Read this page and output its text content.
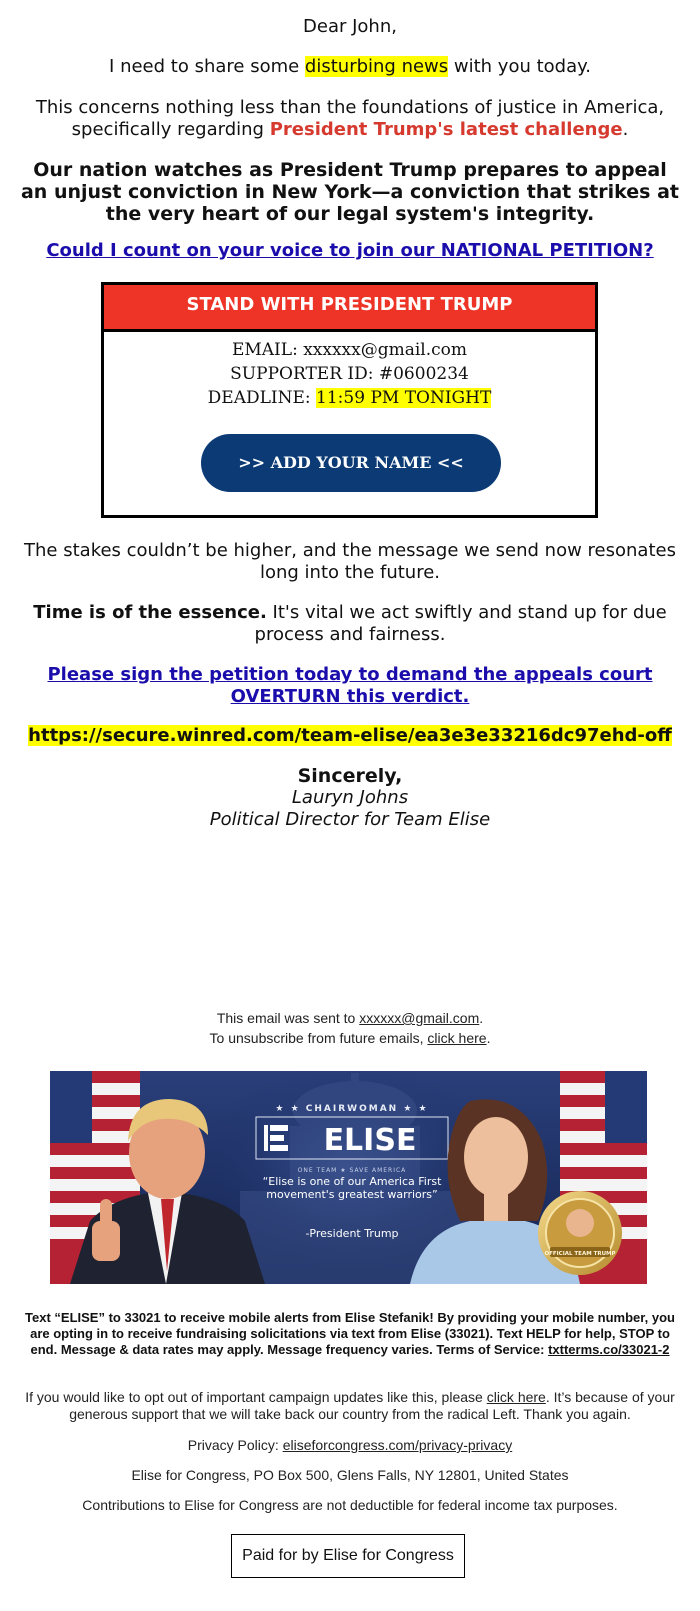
Dear John,

I need to share some disturbing news with you today.

This concerns nothing less than the foundations of justice in America, specifically regarding President Trump's latest challenge.

Our nation watches as President Trump prepares to appeal an unjust conviction in New York—a conviction that strikes at the very heart of our legal system's integrity.

Could I count on your voice to join our NATIONAL PETITION?

STAND WITH PRESIDENT TRUMP
EMAIL: xxxxxx@gmail.com
SUPPORTER ID: #0600234
DEADLINE: 11:59 PM TONIGHT
>> ADD YOUR NAME <<

The stakes couldn’t be higher, and the message we send now resonates long into the future.

Time is of the essence. It's vital we act swiftly and stand up for due process and fairness.

Please sign the petition today to demand the appeals court OVERTURN this verdict.

https://secure.winred.com/team-elise/ea3e3e33216dc97ehd-off

Sincerely,
Lauryn Johns
Political Director for Team Elise
This email was sent to xxxxxx@gmail.com.
To unsubscribe from future emails, click here.
★ ★ CHAIRWOMAN ★ ★
ELISE
ONE TEAM ★ SAVE AMERICA
“Elise is one of our America First movement's greatest warriors”
-President Trump
OFFICIAL TEAM TRUMP
Text “ELISE” to 33021 to receive mobile alerts from Elise Stefanik! By providing your mobile number, you are opting in to receive fundraising solicitations via text from Elise (33021). Text HELP for help, STOP to end. Message & data rates may apply. Message frequency varies. Terms of Service: txtterms.co/33021-2
If you would like to opt out of important campaign updates like this, please click here. It’s because of your generous support that we will take back our country from the radical Left. Thank you again.
Privacy Policy: eliseforcongress.com/privacy-privacy
Elise for Congress, PO Box 500, Glens Falls, NY 12801, United States
Contributions to Elise for Congress are not deductible for federal income tax purposes.
Paid for by Elise for Congress
